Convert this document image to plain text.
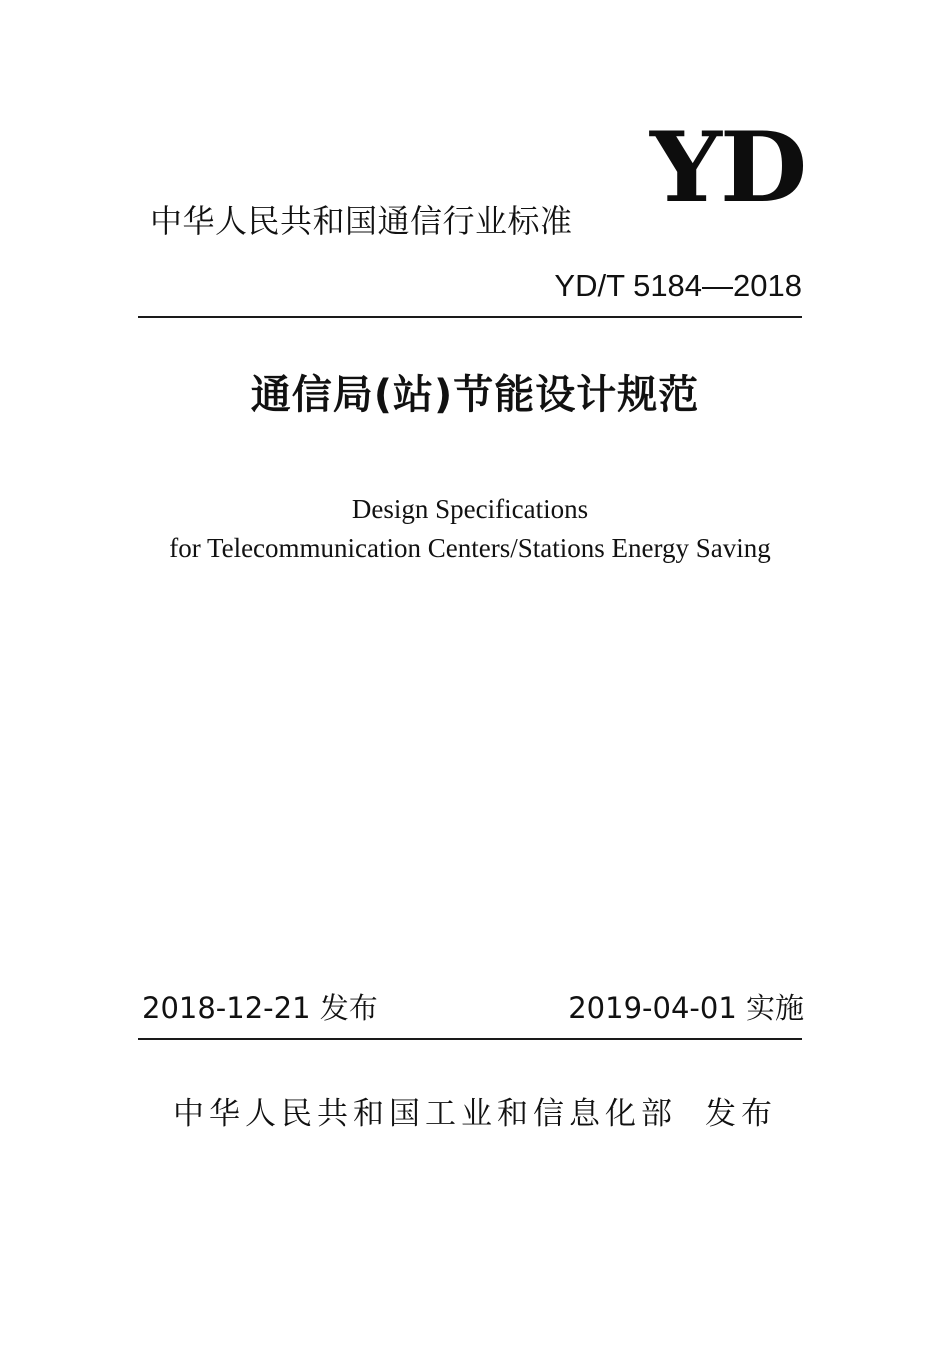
YD
中华人民共和国通信行业标准
YD/T 5184—2018
通信局(站)节能设计规范
Design Specifications
for Telecommunication Centers/Stations Energy Saving
2018-12-21 发布	2019-04-01 实施
中华人民共和国工业和信息化部 发布
